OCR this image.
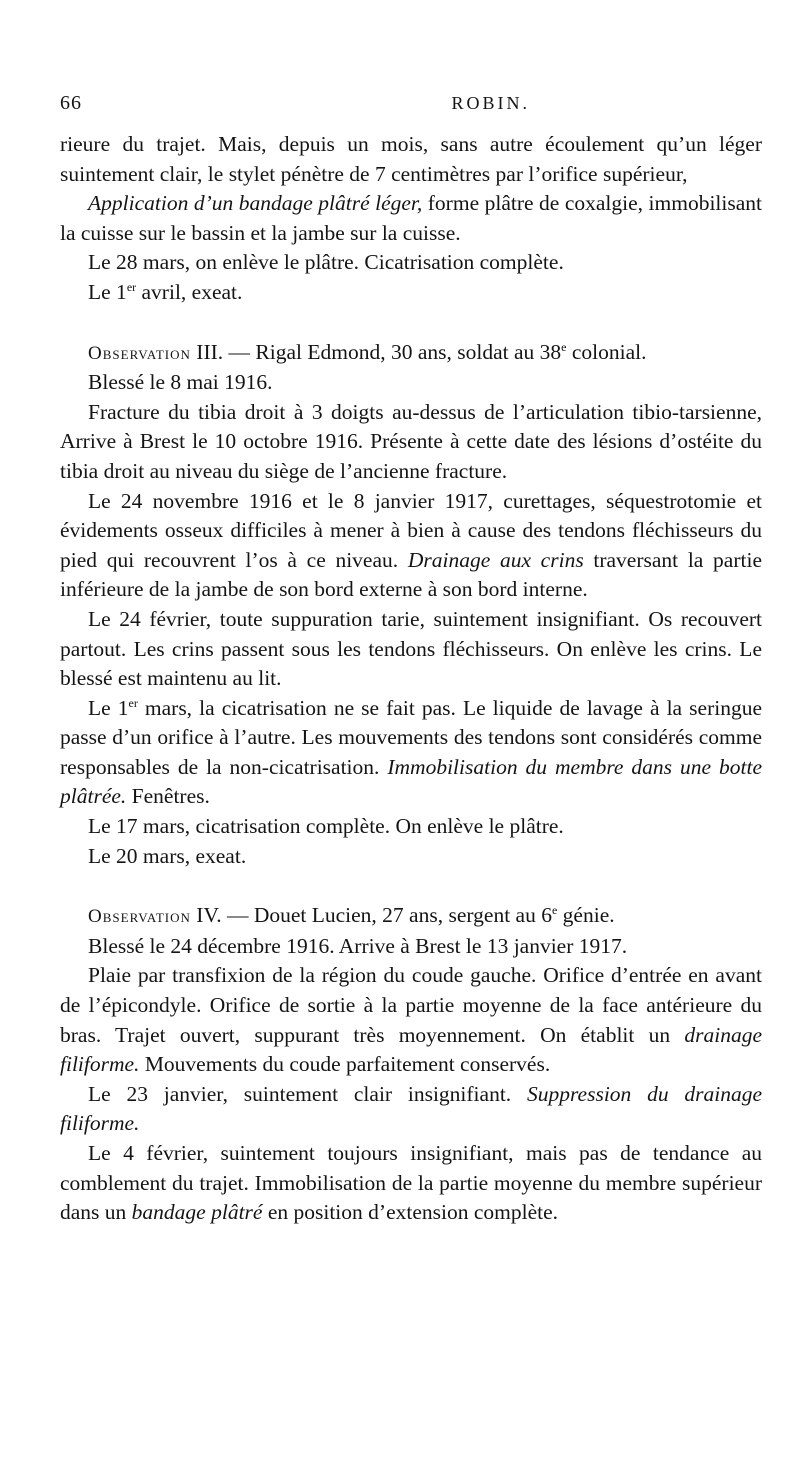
66	ROBIN.

rieure du trajet. Mais, depuis un mois, sans autre écoulement qu’un léger suintement clair, le stylet pénètre de 7 centimètres par l’orifice supérieur,

Application d’un bandage plâtré léger, forme plâtre de coxalgie, immobilisant la cuisse sur le bassin et la jambe sur la cuisse.

Le 28 mars, on enlève le plâtre. Cicatrisation complète.

Le 1er avril, exeat.

Observation III. — Rigal Edmond, 30 ans, soldat au 38e colonial.

Blessé le 8 mai 1916.

Fracture du tibia droit à 3 doigts au-dessus de l’articulation tibio-tarsienne, Arrive à Brest le 10 octobre 1916. Présente à cette date des lésions d’ostéite du tibia droit au niveau du siège de l’ancienne fracture.

Le 24 novembre 1916 et le 8 janvier 1917, curettages, séquestrotomie et évidements osseux difficiles à mener à bien à cause des tendons fléchisseurs du pied qui recouvrent l’os à ce niveau. Drainage aux crins traversant la partie inférieure de la jambe de son bord externe à son bord interne.

Le 24 février, toute suppuration tarie, suintement insignifiant. Os recouvert partout. Les crins passent sous les tendons fléchisseurs. On enlève les crins. Le blessé est maintenu au lit.

Le 1er mars, la cicatrisation ne se fait pas. Le liquide de lavage à la seringue passe d’un orifice à l’autre. Les mouvements des tendons sont considérés comme responsables de la non-cicatrisation. Immobilisation du membre dans une botte plâtrée. Fenêtres.

Le 17 mars, cicatrisation complète. On enlève le plâtre.

Le 20 mars, exeat.

Observation IV. — Douet Lucien, 27 ans, sergent au 6e génie.

Blessé le 24 décembre 1916. Arrive à Brest le 13 janvier 1917.

Plaie par transfixion de la région du coude gauche. Orifice d’entrée en avant de l’épicondyle. Orifice de sortie à la partie moyenne de la face antérieure du bras. Trajet ouvert, suppurant très moyennement. On établit un drainage filiforme. Mouvements du coude parfaitement conservés.

Le 23 janvier, suintement clair insignifiant. Suppression du drainage filiforme.

Le 4 février, suintement toujours insignifiant, mais pas de tendance au comblement du trajet. Immobilisation de la partie moyenne du membre supérieur dans un bandage plâtré en position d’extension complète.
